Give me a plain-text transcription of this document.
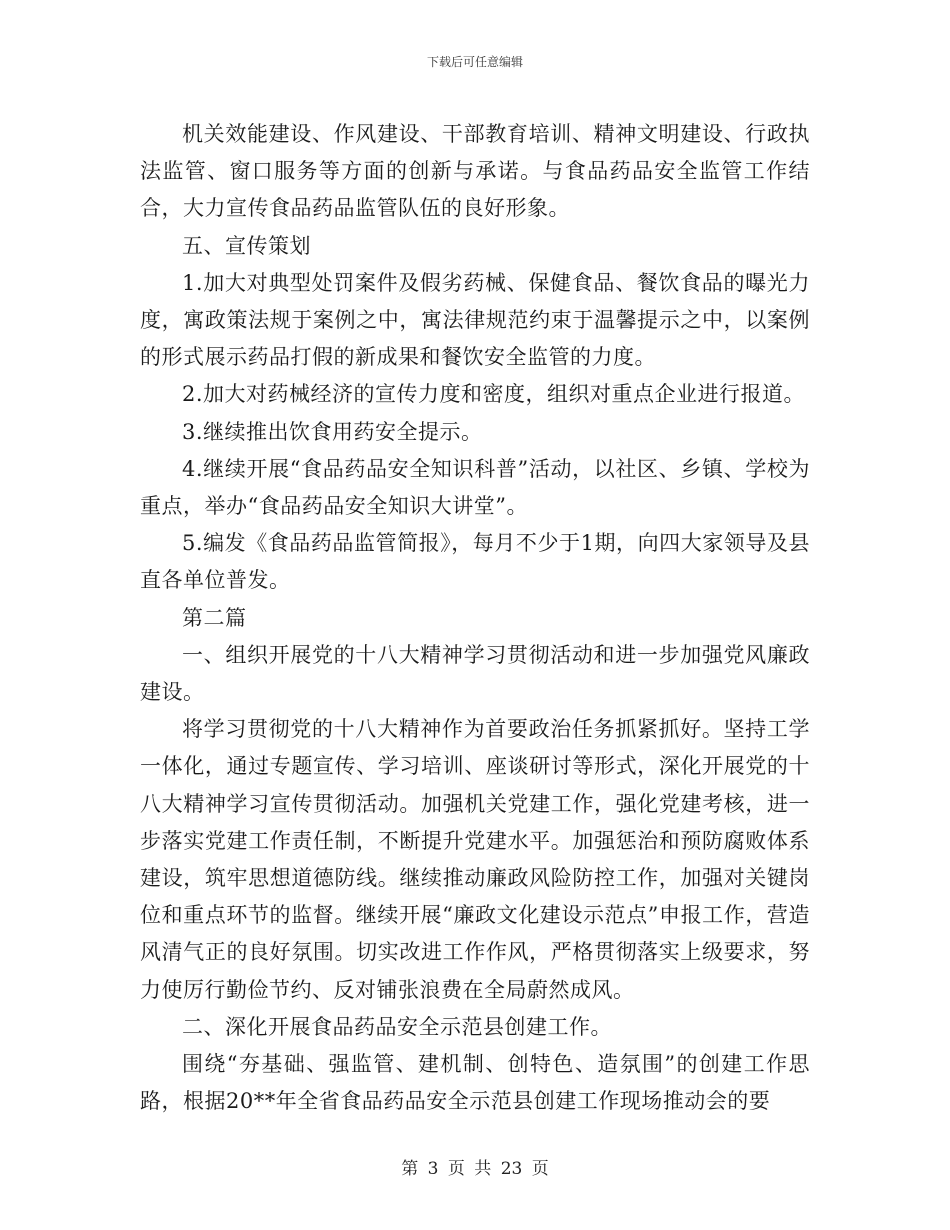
下载后可任意编辑

机关效能建设、作风建设、干部教育培训、精神文明建设、行政执法监管、窗口服务等方面的创新与承诺。与食品药品安全监管工作结合，大力宣传食品药品监管队伍的良好形象。

五、宣传策划

1.加大对典型处罚案件及假劣药械、保健食品、餐饮食品的曝光力度，寓政策法规于案例之中，寓法律规范约束于温馨提示之中，以案例的形式展示药品打假的新成果和餐饮安全监管的力度。

2.加大对药械经济的宣传力度和密度，组织对重点企业进行报道。

3.继续推出饮食用药安全提示。

4.继续开展“食品药品安全知识科普”活动，以社区、乡镇、学校为重点，举办“食品药品安全知识大讲堂”。

5.编发《食品药品监管简报》，每月不少于1期，向四大家领导及县直各单位普发。

第二篇

一、组织开展党的十八大精神学习贯彻活动和进一步加强党风廉政建设。

将学习贯彻党的十八大精神作为首要政治任务抓紧抓好。坚持工学一体化，通过专题宣传、学习培训、座谈研讨等形式，深化开展党的十八大精神学习宣传贯彻活动。加强机关党建工作，强化党建考核，进一步落实党建工作责任制，不断提升党建水平。加强惩治和预防腐败体系建设，筑牢思想道德防线。继续推动廉政风险防控工作，加强对关键岗位和重点环节的监督。继续开展“廉政文化建设示范点”申报工作，营造风清气正的良好氛围。切实改进工作作风，严格贯彻落实上级要求，努力使厉行勤俭节约、反对铺张浪费在全局蔚然成风。

二、深化开展食品药品安全示范县创建工作。

围绕“夯基础、强监管、建机制、创特色、造氛围”的创建工作思路，根据20**年全省食品药品安全示范县创建工作现场推动会的要

第 3 页 共 23 页
